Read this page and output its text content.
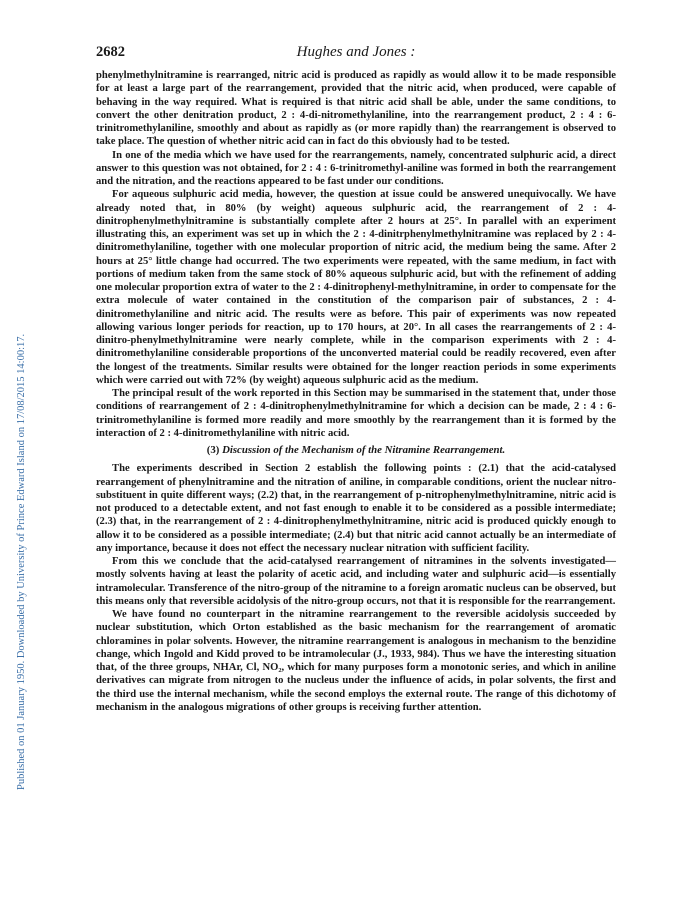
Published on 01 January 1950. Downloaded by University of Prince Edward Island on 17/08/2015 14:00:17.
2682	Hughes and Jones :

phenylmethylnitramine is rearranged, nitric acid is produced as rapidly as would allow it to be made responsible for at least a large part of the rearrangement, provided that the nitric acid, when produced, were capable of behaving in the way required. What is required is that nitric acid shall be able, under the same conditions, to convert the other denitration product, 2 : 4-di-nitromethylaniline, into the rearrangement product, 2 : 4 : 6-trinitromethylaniline, smoothly and about as rapidly as (or more rapidly than) the rearrangement is observed to take place. The question of whether nitric acid can in fact do this obviously had to be tested.

In one of the media which we have used for the rearrangements, namely, concentrated sulphuric acid, a direct answer to this question was not obtained, for 2 : 4 : 6-trinitromethyl-aniline was formed in both the rearrangement and the nitration, and the reactions appeared to be fast under our conditions.

For aqueous sulphuric acid media, however, the question at issue could be answered unequivocally. We have already noted that, in 80% (by weight) aqueous sulphuric acid, the rearrangement of 2 : 4-dinitrophenylmethylnitramine is substantially complete after 2 hours at 25°. In parallel with an experiment illustrating this, an experiment was set up in which the 2 : 4-dinitrphenylmethylnitramine was replaced by 2 : 4-dinitromethylaniline, together with one molecular proportion of nitric acid, the medium being the same. After 2 hours at 25° little change had occurred. The two experiments were repeated, with the same medium, in fact with portions of medium taken from the same stock of 80% aqueous sulphuric acid, but with the refinement of adding one molecular proportion extra of water to the 2 : 4-dinitrophenyl-methylnitramine, in order to compensate for the extra molecule of water contained in the constitution of the comparison pair of substances, 2 : 4-dinitromethylaniline and nitric acid. The results were as before. This pair of experiments was now repeated allowing various longer periods for reaction, up to 170 hours, at 20°. In all cases the rearrangements of 2 : 4-dinitro-phenylmethylnitramine were nearly complete, while in the comparison experiments with 2 : 4-dinitromethylaniline considerable proportions of the unconverted material could be readily recovered, even after the longest of the treatments. Similar results were obtained for the longer reaction periods in some experiments which were carried out with 72% (by weight) aqueous sulphuric acid as the medium.

The principal result of the work reported in this Section may be summarised in the statement that, under those conditions of rearrangement of 2 : 4-dinitrophenylmethylnitramine for which a decision can be made, 2 : 4 : 6-trinitromethylaniline is formed more readily and more smoothly by the rearrangement than it is formed by the interaction of 2 : 4-dinitromethylaniline with nitric acid.

(3) Discussion of the Mechanism of the Nitramine Rearrangement.

The experiments described in Section 2 establish the following points : (2.1) that the acid-catalysed rearrangement of phenylnitramine and the nitration of aniline, in comparable conditions, orient the nuclear nitro-substituent in quite different ways; (2.2) that, in the rearrangement of p-nitrophenylmethylnitramine, nitric acid is not produced to a detectable extent, and not fast enough to enable it to be considered as a possible intermediate; (2.3) that, in the rearrangement of 2 : 4-dinitrophenylmethylnitramine, nitric acid is produced quickly enough to allow it to be considered as a possible intermediate; (2.4) but that nitric acid cannot actually be an intermediate of any importance, because it does not effect the necessary nuclear nitration with sufficient facility.

From this we conclude that the acid-catalysed rearrangement of nitramines in the solvents investigated—mostly solvents having at least the polarity of acetic acid, and including water and sulphuric acid—is essentially intramolecular. Transference of the nitro-group of the nitramine to a foreign aromatic nucleus can be observed, but this means only that reversible acidolysis of the nitro-group occurs, not that it is responsible for the rearrangement.

We have found no counterpart in the nitramine rearrangement to the reversible acidolysis succeeded by nuclear substitution, which Orton established as the basic mechanism for the rearrangement of aromatic chloramines in polar solvents. However, the nitramine rearrangement is analogous in mechanism to the benzidine change, which Ingold and Kidd proved to be intramolecular (J., 1933, 984). Thus we have the interesting situation that, of the three groups, NHAr, Cl, NO₂, which for many purposes form a monotonic series, and which in aniline derivatives can migrate from nitrogen to the nucleus under the influence of acids, in polar solvents, the first and the third use the internal mechanism, while the second employs the external route. The range of this dichotomy of mechanism in the analogous migrations of other groups is receiving further attention.
